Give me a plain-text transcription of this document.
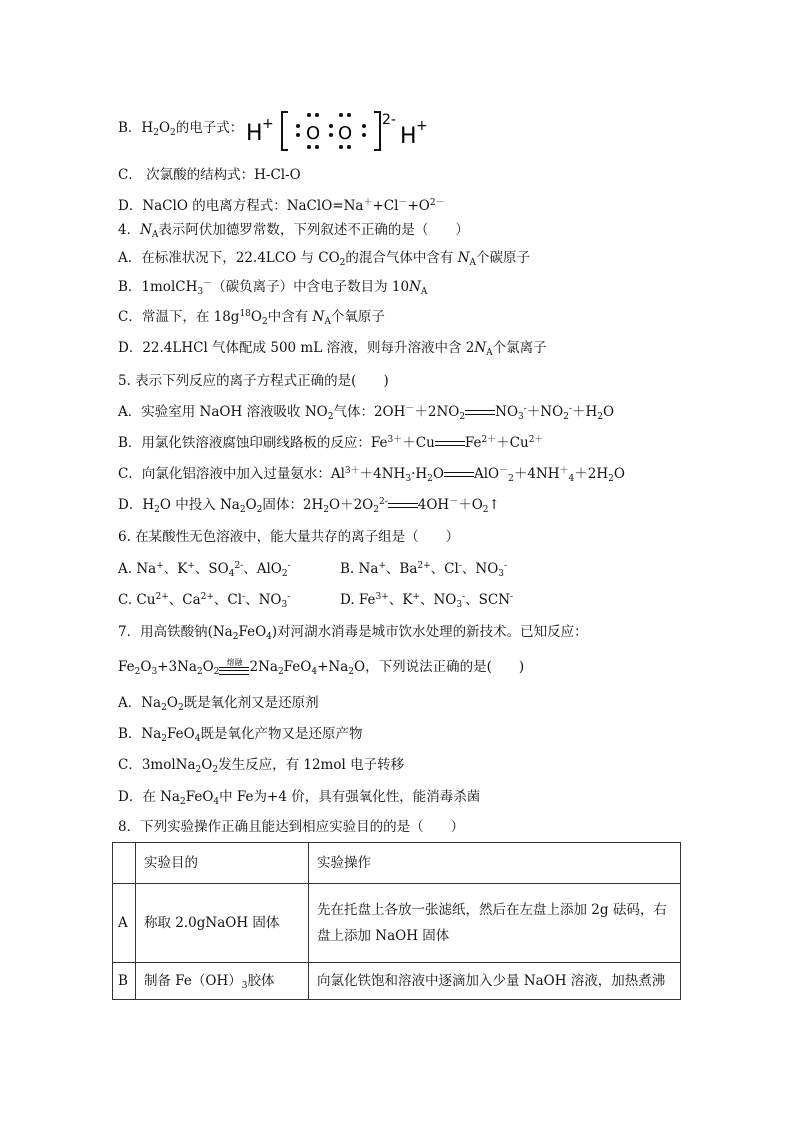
B．$H_2O_2$的电子式： H + O O
2-
H +
C． 次氯酸的结构式：H-Cl-O
D．NaClO 的电离方程式：$NaClO=Na^++Cl^-+O^{2-}$
4．$N_A$表示阿伏加德罗常数，下列叙述不正确的是（　　）
A．在标准状况下，22.4LCO 与 $CO_2$的混合气体中含有 $N_A$个碳原子
B．1molCH$_3$－（碳负离子）中含电子数目为 $10N_A$
C．常温下，在 $18g^{18}O_2$中含有 $N_A$个氧原子
D．22.4LHCl 气体配成 500 mL 溶液，则每升溶液中含 $2N_A$个氯离子
5. 表示下列反应的离子方程式正确的是(　　)
A．实验室用 NaOH 溶液吸收 $NO_2$气体：$2OH^-+2NO_2$ $NO_3^-+NO_2^-+H_2O$
B．用氯化铁溶液腐蚀印刷线路板的反应：$Fe^{3+}+Cu$ $Fe^{2+}+Cu^{2+}$
C．向氯化铝溶液中加入过量氨水：$Al^{3+}+4NH_3\cdot H_2O$ $AlO^-_2+4NH^+_4+2H_2O$
D．$H_2O$ 中投入 $Na_2O_2$固体：$2H_2O+2O_2^{2-}$ $4OH^-+O_2↑$
6. 在某酸性无色溶液中，能大量共存的离子组是（　　）
A. Na+、K+、$SO_4^{2-}$、AlO$_2$-	B. Na+、$Ba^{2+}$、Cl-、$NO_3^-$
C. $Cu^{2+}$、$Ca^{2+}$、Cl-、$NO_3^-$	D. $Fe^{3+}$、K+、$NO_3^-$、SCN-
7．用高铁酸钠$(Na_2FeO_4)$对河湖水消毒是城市饮水处理的新技术。已知反应：
$Fe_2O_3+3Na_2O_2$
熔融 $2Na_2FeO_4+Na_2O$，下列说法正确的是(　　)
A．$Na_2O_2$既是氧化剂又是还原剂
B．$Na_2FeO_4$既是氧化产物又是还原产物
C．$3molNa_2O_2$发生反应，有 12mol 电子转移
D．在 $Na_2FeO_4$中 Fe为+4 价，具有强氧化性，能消毒杀菌
8．下列实验操作正确且能达到相应实验目的的是（　　）
	实验目的	实验操作
A	称取 2.0gNaOH 固体	先在托盘上各放一张滤纸，然后在左盘上添加 2g 砝码，右
盘上添加 NaOH 固体

B	制备 $Fe(OH)_3$胶体	向氯化铁饱和溶液中逐滴加入少量 NaOH 溶液，加热煮沸
